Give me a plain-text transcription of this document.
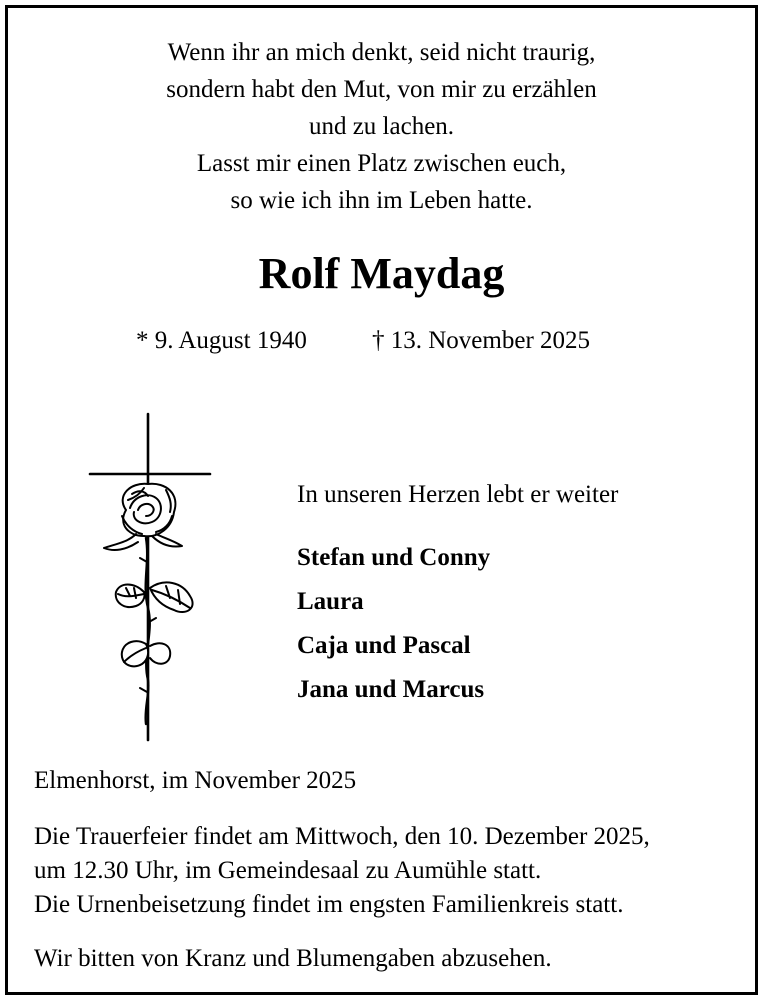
Wenn ihr an mich denkt, seid nicht traurig,
sondern habt den Mut, von mir zu erzählen
und zu lachen.
Lasst mir einen Platz zwischen euch,
so wie ich ihn im Leben hatte.
Rolf Maydag
* 9. August 1940	† 13. November 2025
In unseren Herzen lebt er weiter
Stefan und Conny
Laura
Caja und Pascal
Jana und Marcus
Elmenhorst, im November 2025
Die Trauerfeier findet am Mittwoch, den 10. Dezember 2025,
um 12.30 Uhr, im Gemeindesaal zu Aumühle statt.
Die Urnenbeisetzung findet im engsten Familienkreis statt.
Wir bitten von Kranz und Blumengaben abzusehen.
